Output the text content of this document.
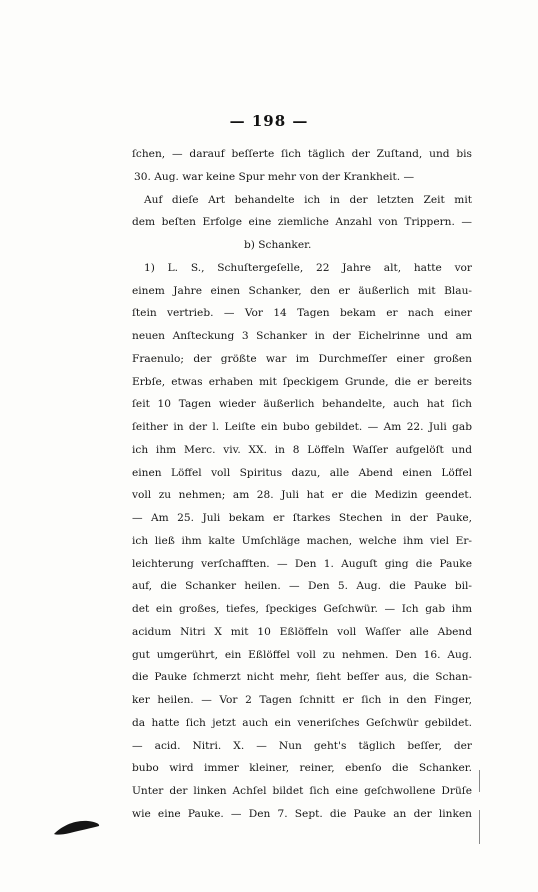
— 198 —
ſchen, — darauf beſſerte ſich täglich der Zuſtand, und bis
30. Aug. war keine Spur mehr von der Krankheit. —
Auf dieſe Art behandelte ich in der letzten Zeit mit
dem beſten Erfolge eine ziemliche Anzahl von Trippern. —
b) Schanker.
1) L. S., Schuſtergeſelle, 22 Jahre alt, hatte vor
einem Jahre einen Schanker, den er äußerlich mit Blau-
ſtein vertrieb. — Vor 14 Tagen bekam er nach einer
neuen Anſteckung 3 Schanker in der Eichelrinne und am
Fraenulo; der größte war im Durchmeſſer einer großen
Erbſe, etwas erhaben mit ſpeckigem Grunde, die er bereits
ſeit 10 Tagen wieder äußerlich behandelte, auch hat ſich
ſeither in der l. Leiſte ein bubo gebildet. — Am 22. Juli gab
ich ihm Merc. viv. XX. in 8 Löffeln Waſſer aufgelöſt und
einen Löffel voll Spiritus dazu, alle Abend einen Löffel
voll zu nehmen; am 28. Juli hat er die Medizin geendet.
— Am 25. Juli bekam er ſtarkes Stechen in der Pauke,
ich ließ ihm kalte Umſchläge machen, welche ihm viel Er-
leichterung verſchafften. — Den 1. Auguſt ging die Pauke
auf, die Schanker heilen. — Den 5. Aug. die Pauke bil-
det ein großes, tiefes, ſpeckiges Geſchwür. — Ich gab ihm
acidum Nitri X mit 10 Eßlöffeln voll Waſſer alle Abend
gut umgerührt, ein Eßlöffel voll zu nehmen. Den 16. Aug.
die Pauke ſchmerzt nicht mehr, ſieht beſſer aus, die Schan-
ker heilen. — Vor 2 Tagen ſchnitt er ſich in den Finger,
da hatte ſich jetzt auch ein veneriſches Geſchwür gebildet.
— acid. Nitri. X. — Nun geht's täglich beſſer, der
bubo wird immer kleiner, reiner, ebenſo die Schanker.
Unter der linken Achſel bildet ſich eine geſchwollene Drüſe
wie eine Pauke. — Den 7. Sept. die Pauke an der linken
